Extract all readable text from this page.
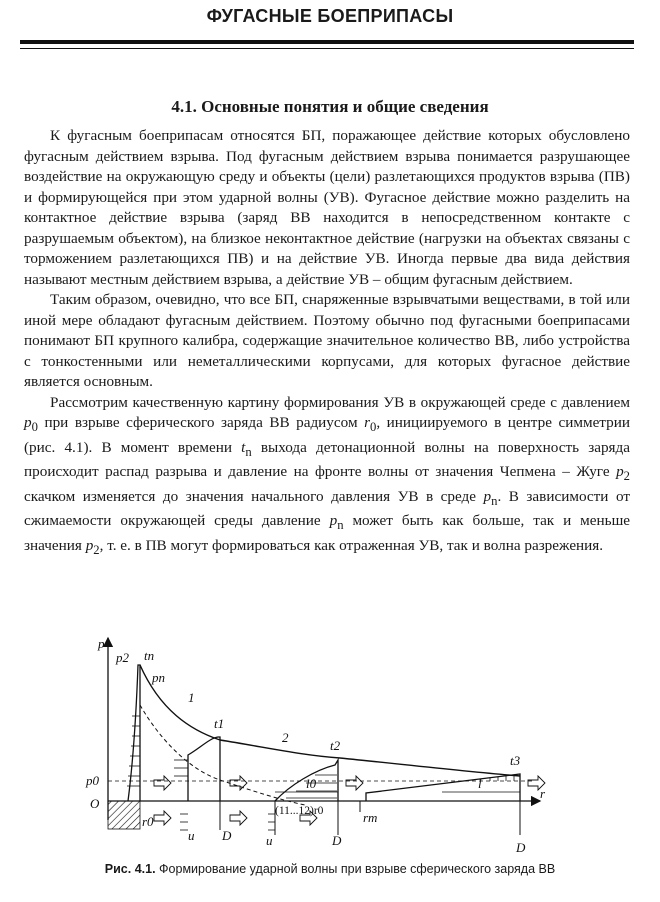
ФУГАСНЫЕ БОЕПРИПАСЫ
4.1. Основные понятия и общие сведения

К фугасным боеприпасам относятся БП, поражающее действие которых обусловлено фугасным действием взрыва. Под фугасным действием взрыва понимается разрушающее воздействие на окружающую среду и объекты (цели) разлетающихся продуктов взрыва (ПВ) и формирующейся при этом ударной волны (УВ). Фугасное действие можно разделить на контактное действие взрыва (заряд ВВ находится в непосредственном контакте с разрушаемым объектом), на близкое неконтактное действие (нагрузки на объектах связаны с торможением разлетающихся ПВ) и на действие УВ. Иногда первые два вида действия называют местным действием взрыва, а действие УВ – общим фугасным действием.

Таким образом, очевидно, что все БП, снаряженные взрывчатыми веществами, в той или иной мере обладают фугасным действием. Поэтому обычно под фугасными боеприпасами понимают БП крупного калибра, содержащие значительное количество ВВ, либо устройства с тонкостенными или неметаллическими корпусами, для которых фугасное действие является основным.

Рассмотрим качественную картину формирования УВ в окружающей среде с давлением $p_0$ при взрыве сферического заряда ВВ радиусом $r_0$, инициируемого в центре симметрии (рис. 4.1). В момент времени $t_n$ выхода детонационной волны на поверхность заряда происходит распад разрыва и давление на фронте волны от значения Чепмена – Жуге $p_2$ скачком изменяется до значения начального давления УВ в среде $p_n$. В зависимости от сжимаемости окружающей среды давление $p_n$ может быть как больше, так и меньше значения $p_2$, т. е. в ПВ могут формироваться как отраженная УВ, так и волна разрежения.

p
p2 tn
pn
1
2
t1
t2
t3
p0
O
r0
u D	u	D
l0
(11...12)r0	rm
l
D
r
Рис. 4.1. Формирование ударной волны при взрыве сферического заряда ВВ
